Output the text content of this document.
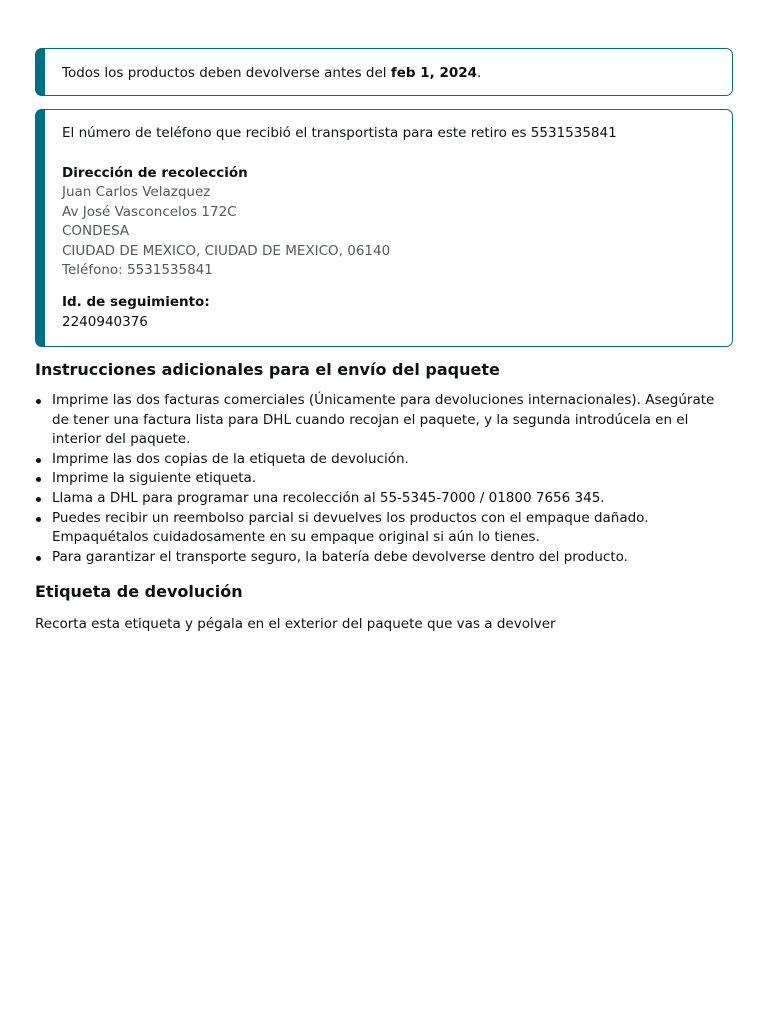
Todos los productos deben devolverse antes del feb 1, 2024.
El número de teléfono que recibió el transportista para este retiro es 5531535841
Dirección de recolección
Juan Carlos Velazquez
Av José Vasconcelos 172C
CONDESA
CIUDAD DE MEXICO, CIUDAD DE MEXICO, 06140
Teléfono: 5531535841
Id. de seguimiento:
2240940376
Instrucciones adicionales para el envío del paquete
Imprime las dos facturas comerciales (Únicamente para devoluciones internacionales). Asegúrate de tener una factura lista para DHL cuando recojan el paquete, y la segunda introdúcela en el interior del paquete.
Imprime las dos copias de la etiqueta de devolución.
Imprime la siguiente etiqueta.
Llama a DHL para programar una recolección al 55-5345-7000 / 01800 7656 345.
Puedes recibir un reembolso parcial si devuelves los productos con el empaque dañado. Empaquétalos cuidadosamente en su empaque original si aún lo tienes.
Para garantizar el transporte seguro, la batería debe devolverse dentro del producto.
Etiqueta de devolución
Recorta esta etiqueta y pégala en el exterior del paquete que vas a devolver
